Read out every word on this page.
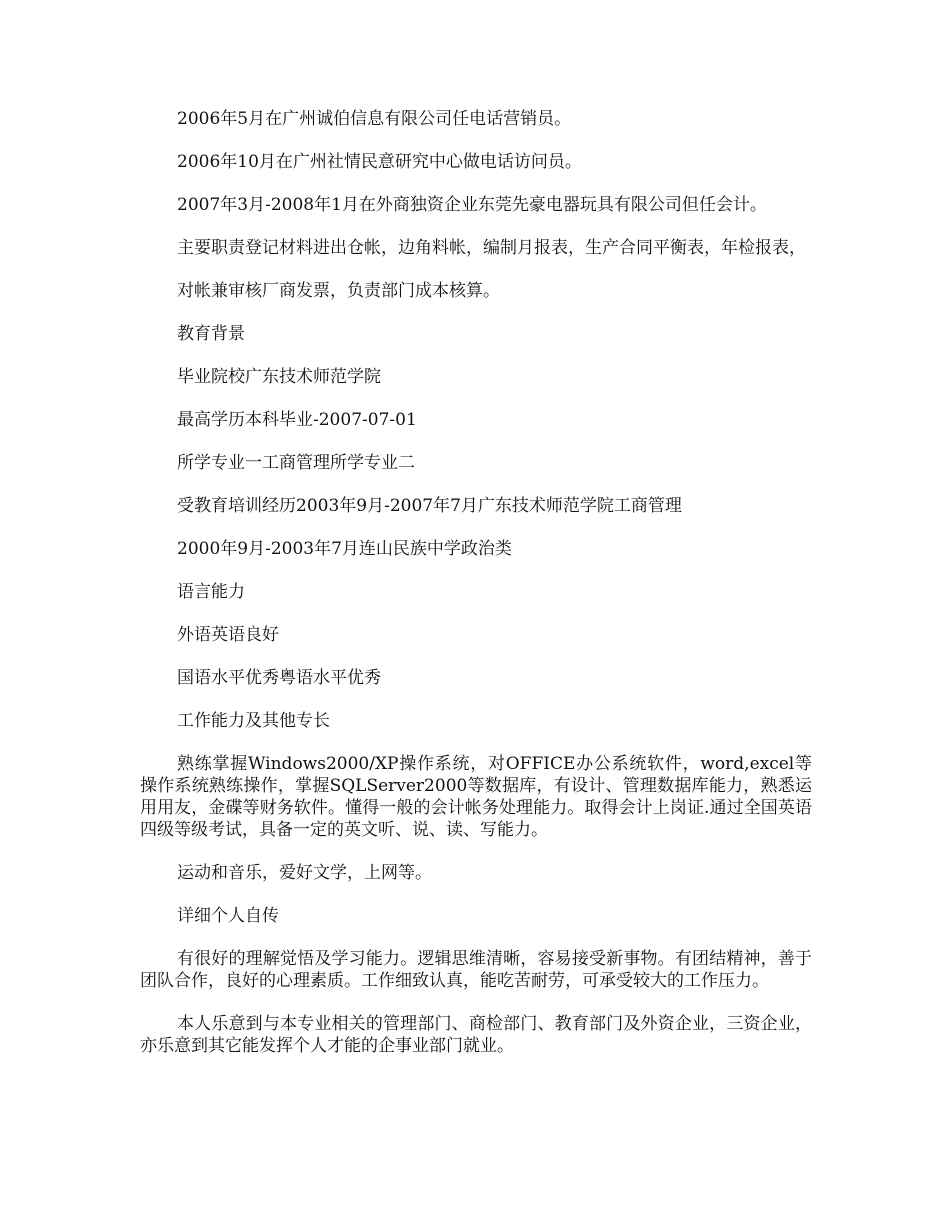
2006年5月在广州诚伯信息有限公司任电话营销员。

2006年10月在广州社情民意研究中心做电话访问员。

2007年3月-2008年1月在外商独资企业东莞先豪电器玩具有限公司但任会计。

主要职责登记材料进出仓帐，边角料帐，编制月报表，生产合同平衡表，年检报表，

对帐兼审核厂商发票，负责部门成本核算。

教育背景

毕业院校广东技术师范学院

最高学历本科毕业-2007-07-01

所学专业一工商管理所学专业二

受教育培训经历2003年9月-2007年7月广东技术师范学院工商管理

2000年9月-2003年7月连山民族中学政治类

语言能力

外语英语良好

国语水平优秀粤语水平优秀

工作能力及其他专长

熟练掌握Windows2000/XP操作系统，对OFFICE办公系统软件，word,excel等操作系统熟练操作，掌握SQLServer2000等数据库，有设计、管理数据库能力，熟悉运用用友，金碟等财务软件。懂得一般的会计帐务处理能力。取得会计上岗证.通过全国英语四级等级考试，具备一定的英文听、说、读、写能力。

运动和音乐，爱好文学，上网等。

详细个人自传

有很好的理解觉悟及学习能力。逻辑思维清晰，容易接受新事物。有团结精神，善于团队合作，良好的心理素质。工作细致认真，能吃苦耐劳，可承受较大的工作压力。

本人乐意到与本专业相关的管理部门、商检部门、教育部门及外资企业，三资企业，亦乐意到其它能发挥个人才能的企事业部门就业。
